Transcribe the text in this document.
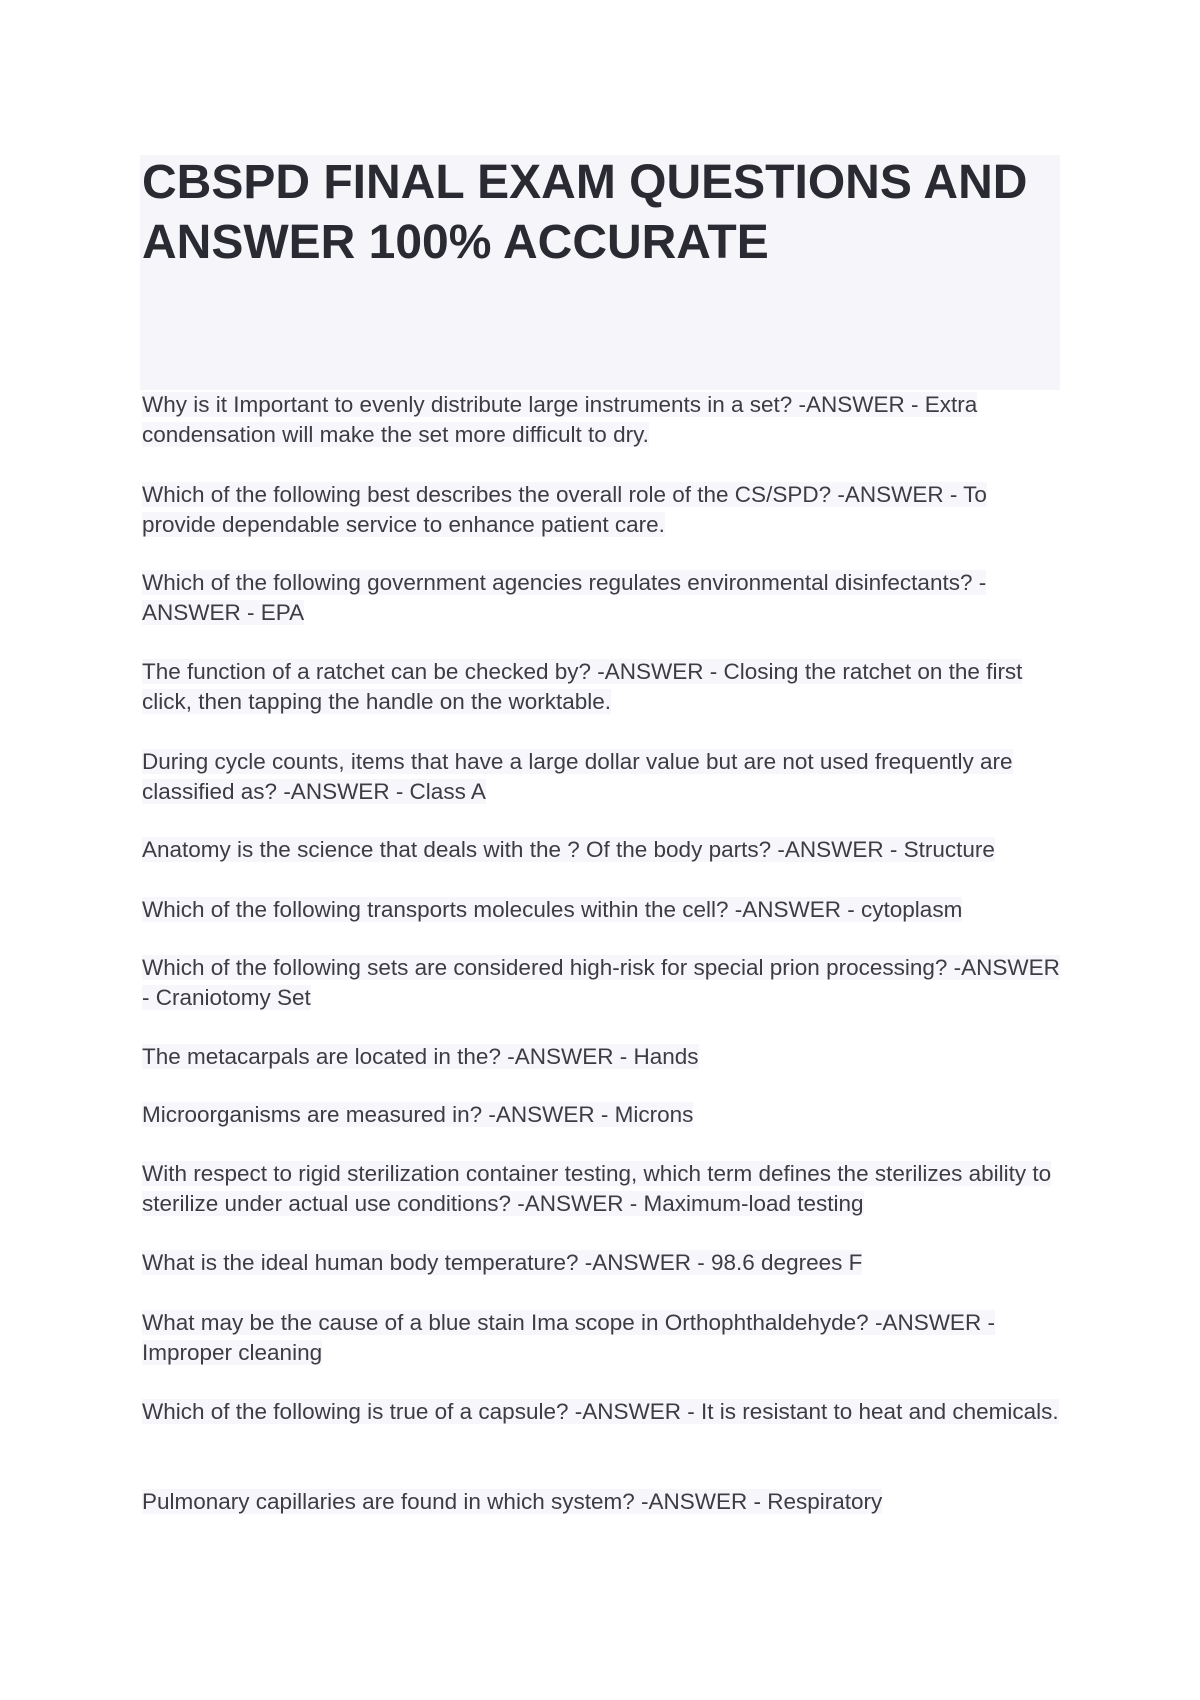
CBSPD FINAL EXAM QUESTIONS AND ANSWER 100% ACCURATE

Why is it Important to evenly distribute large instruments in a set? -ANSWER - Extra condensation will make the set more difficult to dry.

Which of the following best describes the overall role of the CS/SPD? -ANSWER - To provide dependable service to enhance patient care.

Which of the following government agencies regulates environmental disinfectants? -ANSWER - EPA

The function of a ratchet can be checked by? -ANSWER - Closing the ratchet on the first click, then tapping the handle on the worktable.

During cycle counts, items that have a large dollar value but are not used frequently are classified as? -ANSWER - Class A

Anatomy is the science that deals with the ? Of the body parts? -ANSWER - Structure

Which of the following transports molecules within the cell? -ANSWER - cytoplasm

Which of the following sets are considered high-risk for special prion processing? -ANSWER - Craniotomy Set

The metacarpals are located in the? -ANSWER - Hands

Microorganisms are measured in? -ANSWER - Microns

With respect to rigid sterilization container testing, which term defines the sterilizes ability to sterilize under actual use conditions? -ANSWER - Maximum-load testing

What is the ideal human body temperature? -ANSWER - 98.6 degrees F

What may be the cause of a blue stain Ima scope in Orthophthaldehyde? -ANSWER - Improper cleaning

Which of the following is true of a capsule? -ANSWER - It is resistant to heat and chemicals.

Pulmonary capillaries are found in which system? -ANSWER - Respiratory
